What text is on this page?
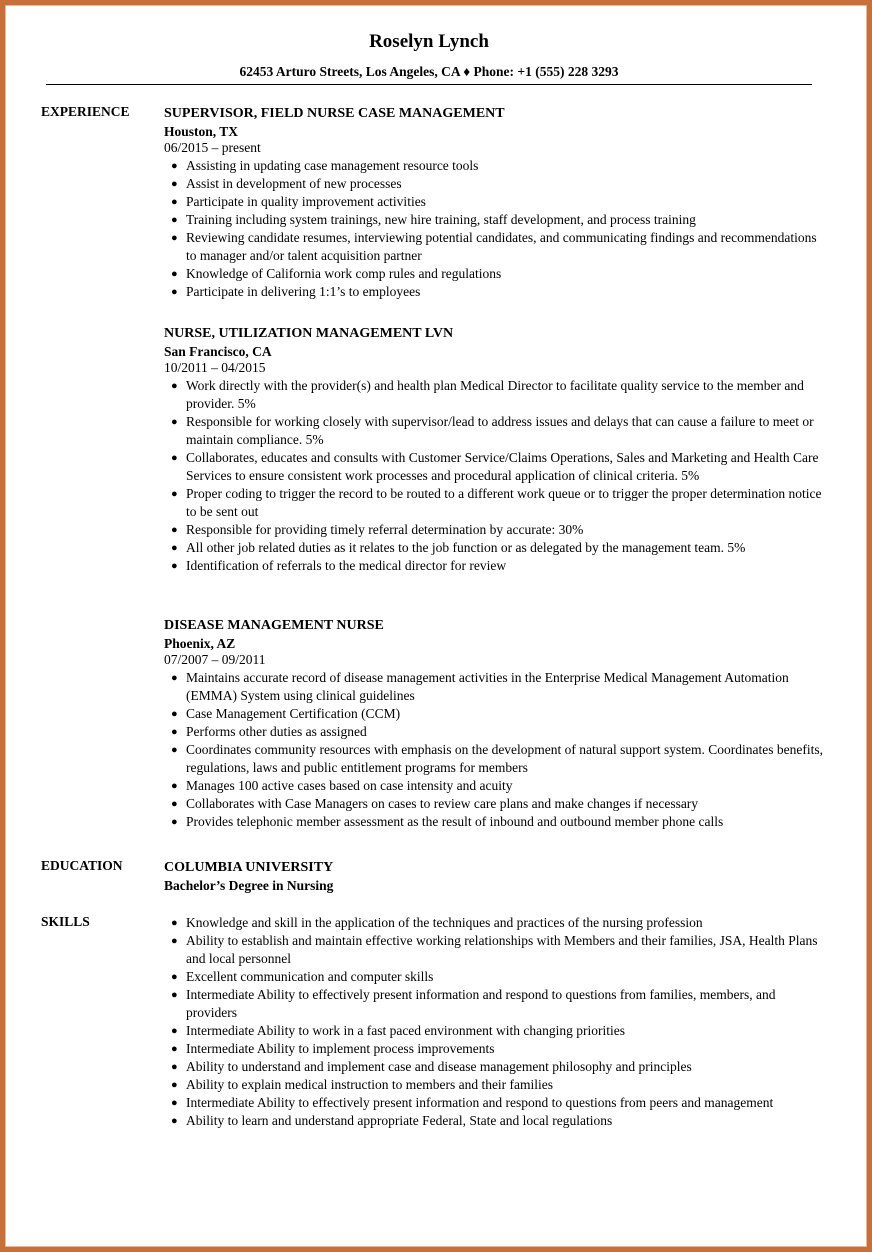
Roselyn Lynch
62453 Arturo Streets, Los Angeles, CA ♦ Phone: +1 (555) 228 3293
EXPERIENCE SUPERVISOR, FIELD NURSE CASE MANAGEMENT
Houston, TX
06/2015 – present
● Assisting in updating case management resource tools
● Assist in development of new processes
● Participate in quality improvement activities
● Training including system trainings, new hire training, staff development, and process training
● Reviewing candidate resumes, interviewing potential candidates, and communicating findings and recommendations to manager and/or talent acquisition partner
● Knowledge of California work comp rules and regulations
● Participate in delivering 1:1’s to employees
NURSE, UTILIZATION MANAGEMENT LVN
San Francisco, CA
10/2011 – 04/2015
● Work directly with the provider(s) and health plan Medical Director to facilitate quality service to the member and provider. 5%
● Responsible for working closely with supervisor/lead to address issues and delays that can cause a failure to meet or maintain compliance. 5%
● Collaborates, educates and consults with Customer Service/Claims Operations, Sales and Marketing and Health Care Services to ensure consistent work processes and procedural application of clinical criteria. 5%
● Proper coding to trigger the record to be routed to a different work queue or to trigger the proper determination notice to be sent out
● Responsible for providing timely referral determination by accurate: 30%
● All other job related duties as it relates to the job function or as delegated by the management team. 5%
● Identification of referrals to the medical director for review
DISEASE MANAGEMENT NURSE
Phoenix, AZ
07/2007 – 09/2011
● Maintains accurate record of disease management activities in the Enterprise Medical Management Automation (EMMA) System using clinical guidelines
● Case Management Certification (CCM)
● Performs other duties as assigned
● Coordinates community resources with emphasis on the development of natural support system. Coordinates benefits, regulations, laws and public entitlement programs for members
● Manages 100 active cases based on case intensity and acuity
● Collaborates with Case Managers on cases to review care plans and make changes if necessary
● Provides telephonic member assessment as the result of inbound and outbound member phone calls
EDUCATION	COLUMBIA UNIVERSITY
Bachelor’s Degree in Nursing
SKILLS	● Knowledge and skill in the application of the techniques and practices of the nursing profession
● Ability to establish and maintain effective working relationships with Members and their families, JSA, Health Plans and local personnel
● Excellent communication and computer skills
● Intermediate Ability to effectively present information and respond to questions from families, members, and providers
● Intermediate Ability to work in a fast paced environment with changing priorities
● Intermediate Ability to implement process improvements
● Ability to understand and implement case and disease management philosophy and principles
● Ability to explain medical instruction to members and their families
● Intermediate Ability to effectively present information and respond to questions from peers and management
● Ability to learn and understand appropriate Federal, State and local regulations
